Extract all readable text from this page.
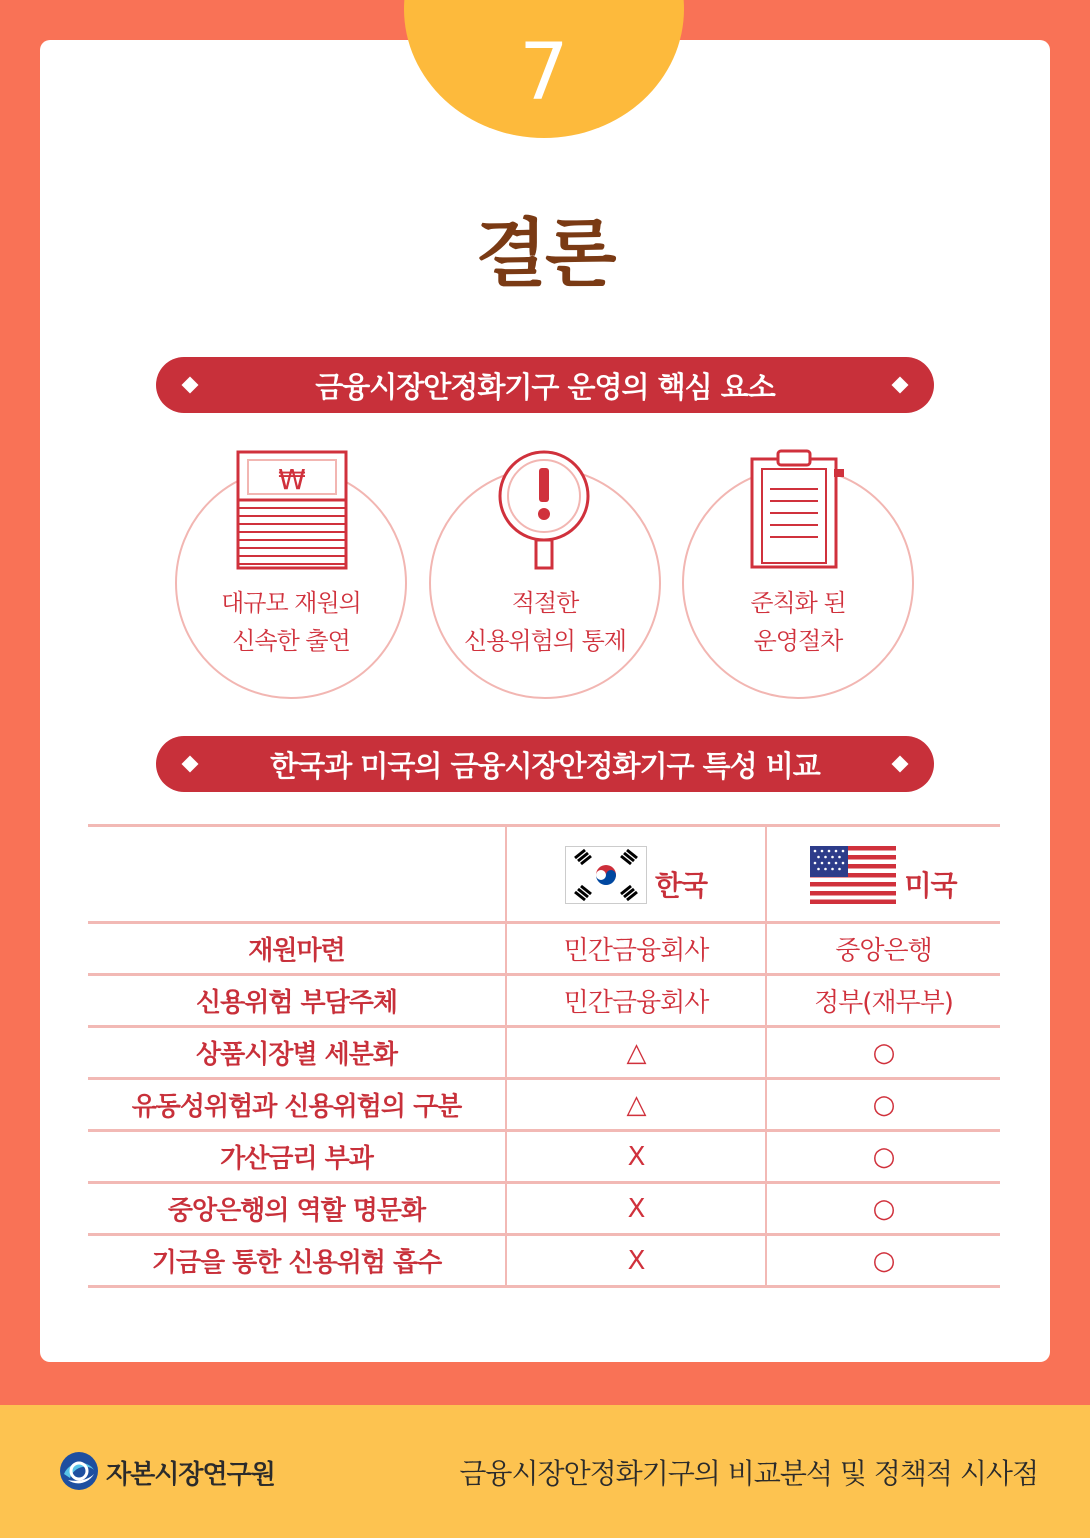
7
결론
금융시장안정화기구 운영의 핵심 요소
₩
대규모 재원의
신속한 출연
적절한
신용위험의 통제
준칙화 된
운영절차
한국과 미국의 금융시장안정화기구 특성 비교

	한국	미국

재원마련	민간금융회사	중앙은행
신용위험 부담주체	민간금융회사	정부(재무부)
상품시장별 세분화	△	○
유동성위험과 신용위험의 구분	△	○
가산금리 부과	X	○
중앙은행의 역할 명문화	X	○
기금을 통한 신용위험 흡수	X	○
자본시장연구원	금융시장안정화기구의 비교분석 및 정책적 시사점
